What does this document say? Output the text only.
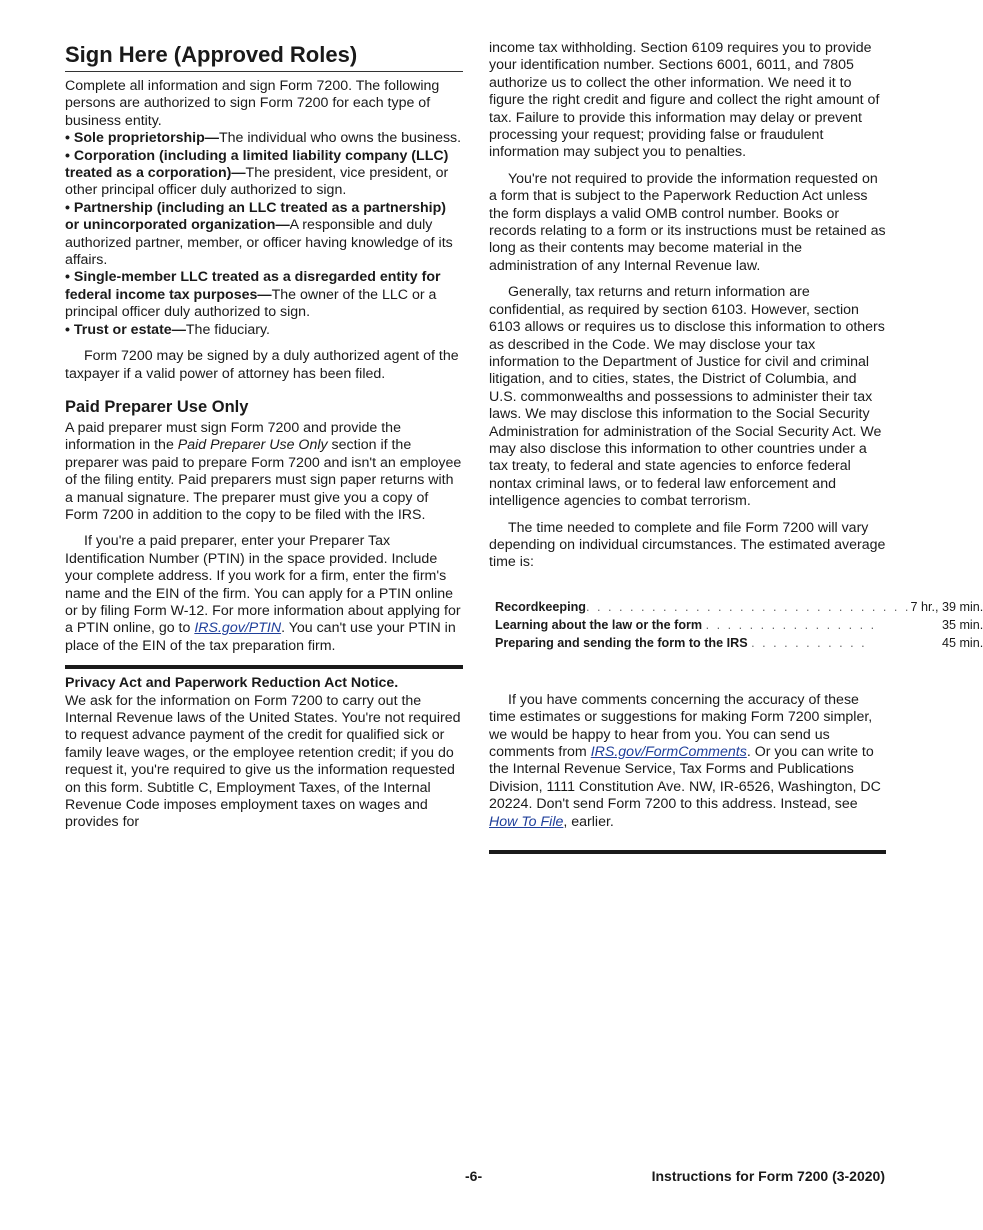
Sign Here (Approved Roles)

Complete all information and sign Form 7200. The following persons are authorized to sign Form 7200 for each type of business entity.

• Sole proprietorship—The individual who owns the business.

• Corporation (including a limited liability company (LLC) treated as a corporation)—The president, vice president, or other principal officer duly authorized to sign.

• Partnership (including an LLC treated as a partnership) or unincorporated organization—A responsible and duly authorized partner, member, or officer having knowledge of its affairs.

• Single-member LLC treated as a disregarded entity for federal income tax purposes—The owner of the LLC or a principal officer duly authorized to sign.

• Trust or estate—The fiduciary.

Form 7200 may be signed by a duly authorized agent of the taxpayer if a valid power of attorney has been filed.

Paid Preparer Use Only

A paid preparer must sign Form 7200 and provide the information in the Paid Preparer Use Only section if the preparer was paid to prepare Form 7200 and isn't an employee of the filing entity. Paid preparers must sign paper returns with a manual signature. The preparer must give you a copy of Form 7200 in addition to the copy to be filed with the IRS.

If you're a paid preparer, enter your Preparer Tax Identification Number (PTIN) in the space provided. Include your complete address. If you work for a firm, enter the firm's name and the EIN of the firm. You can apply for a PTIN online or by filing Form W-12. For more information about applying for a PTIN online, go to IRS.gov/PTIN. You can't use your PTIN in place of the EIN of the tax preparation firm.

Privacy Act and Paperwork Reduction Act Notice.
We ask for the information on Form 7200 to carry out the Internal Revenue laws of the United States. You're not required to request advance payment of the credit for qualified sick or family leave wages, or the employee retention credit; if you do request it, you're required to give us the information requested on this form. Subtitle C, Employment Taxes, of the Internal Revenue Code imposes employment taxes on wages and provides for

income tax withholding. Section 6109 requires you to provide your identification number. Sections 6001, 6011, and 7805 authorize us to collect the other information. We need it to figure the right credit and figure and collect the right amount of tax. Failure to provide this information may delay or prevent processing your request; providing false or fraudulent information may subject you to penalties.

You're not required to provide the information requested on a form that is subject to the Paperwork Reduction Act unless the form displays a valid OMB control number. Books or records relating to a form or its instructions must be retained as long as their contents may become material in the administration of any Internal Revenue law.

Generally, tax returns and return information are confidential, as required by section 6103. However, section 6103 allows or requires us to disclose this information to others as described in the Code. We may disclose your tax information to the Department of Justice for civil and criminal litigation, and to cities, states, the District of Columbia, and U.S. commonwealths and possessions to administer their tax laws. We may disclose this information to the Social Security Administration for administration of the Social Security Act. We may also disclose this information to other countries under a tax treaty, to federal and state agencies to enforce federal nontax criminal laws, or to federal law enforcement and intelligence agencies to combat terrorism.

The time needed to complete and file Form 7200 will vary depending on individual circumstances. The estimated average time is:

Recordkeeping. . . . . . . . . . . . . . . . . . . . . . . . . . . . . .	7 hr., 39 min.
Learning about the law or the form . . . . . . . . . . . . . . . .	35 min.
Preparing and sending the form to the IRS . . . . . . . . . . .	45 min.

If you have comments concerning the accuracy of these time estimates or suggestions for making Form 7200 simpler, we would be happy to hear from you. You can send us comments from IRS.gov/FormComments. Or you can write to the Internal Revenue Service, Tax Forms and Publications Division, 1111 Constitution Ave. NW, IR-6526, Washington, DC 20224. Don't send Form 7200 to this address. Instead, see How To File, earlier.

-6-	Instructions for Form 7200 (3-2020)
